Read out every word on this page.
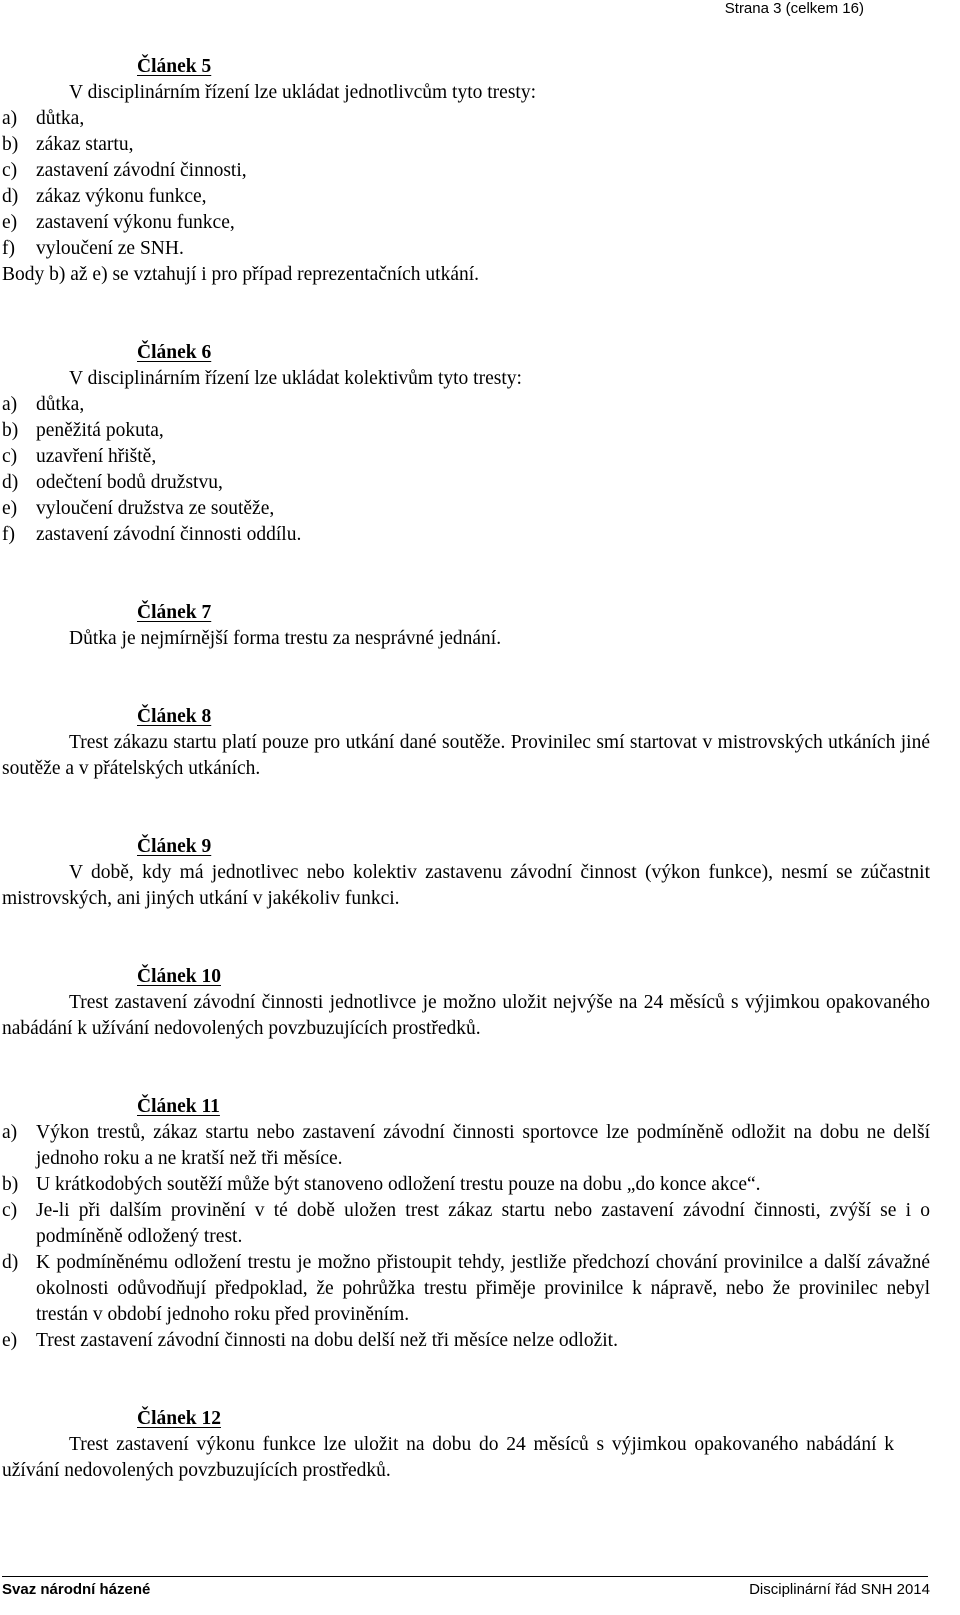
Strana 3 (celkem 16)
Článek 5
V disciplinárním řízení lze ukládat jednotlivcům tyto tresty:
a) důtka,
b) zákaz startu,
c) zastavení závodní činnosti,
d) zákaz výkonu funkce,
e) zastavení výkonu funkce,
f)	vyloučení ze SNH.
Body b) až e) se vztahují i pro případ reprezentačních utkání.
Článek 6
V disciplinárním řízení lze ukládat kolektivům tyto tresty:
a) důtka,
b) peněžitá pokuta,
c) uzavření hřiště,
d) odečtení bodů družstvu,
e) vyloučení družstva ze soutěže,
f)	zastavení závodní činnosti oddílu.
Článek 7
Důtka je nejmírnější forma trestu za nesprávné jednání.
Článek 8
Trest zákazu startu platí pouze pro utkání dané soutěže. Provinilec smí startovat v mistrovských utkáních jiné soutěže a v přátelských utkáních.
Článek 9
V době, kdy má jednotlivec nebo kolektiv zastavenu závodní činnost (výkon funkce), nesmí se zúčastnit mistrovských, ani jiných utkání v jakékoliv funkci.
Článek 10
Trest zastavení závodní činnosti jednotlivce je možno uložit nejvýše na 24 měsíců s výjimkou opakovaného nabádání k užívání nedovolených povzbuzujících prostředků.
Článek 11
a) Výkon trestů, zákaz startu nebo zastavení závodní činnosti sportovce lze podmíněně odložit na dobu ne delší jednoho roku a ne kratší než tři měsíce.
b) U krátkodobých soutěží může být stanoveno odložení trestu pouze na dobu „do konce akce“.
c) Je-li při dalším provinění v té době uložen trest zákaz startu nebo zastavení závodní činnosti, zvýší se i o podmíněně odložený trest.
d) K podmíněnému odložení trestu je možno přistoupit tehdy, jestliže předchozí chování provinilce a další závažné okolnosti odůvodňují předpoklad, že pohrůžka trestu přiměje provinilce k nápravě, nebo že provinilec nebyl trestán v období jednoho roku před proviněním.
e) Trest zastavení závodní činnosti na dobu delší než tři měsíce nelze odložit.
Článek 12
Trest zastavení výkonu funkce lze uložit na dobu do 24 měsíců s výjimkou opakovaného nabádání k užívání nedovolených povzbuzujících prostředků.
Svaz národní házené	Disciplinární řád SNH 2014
